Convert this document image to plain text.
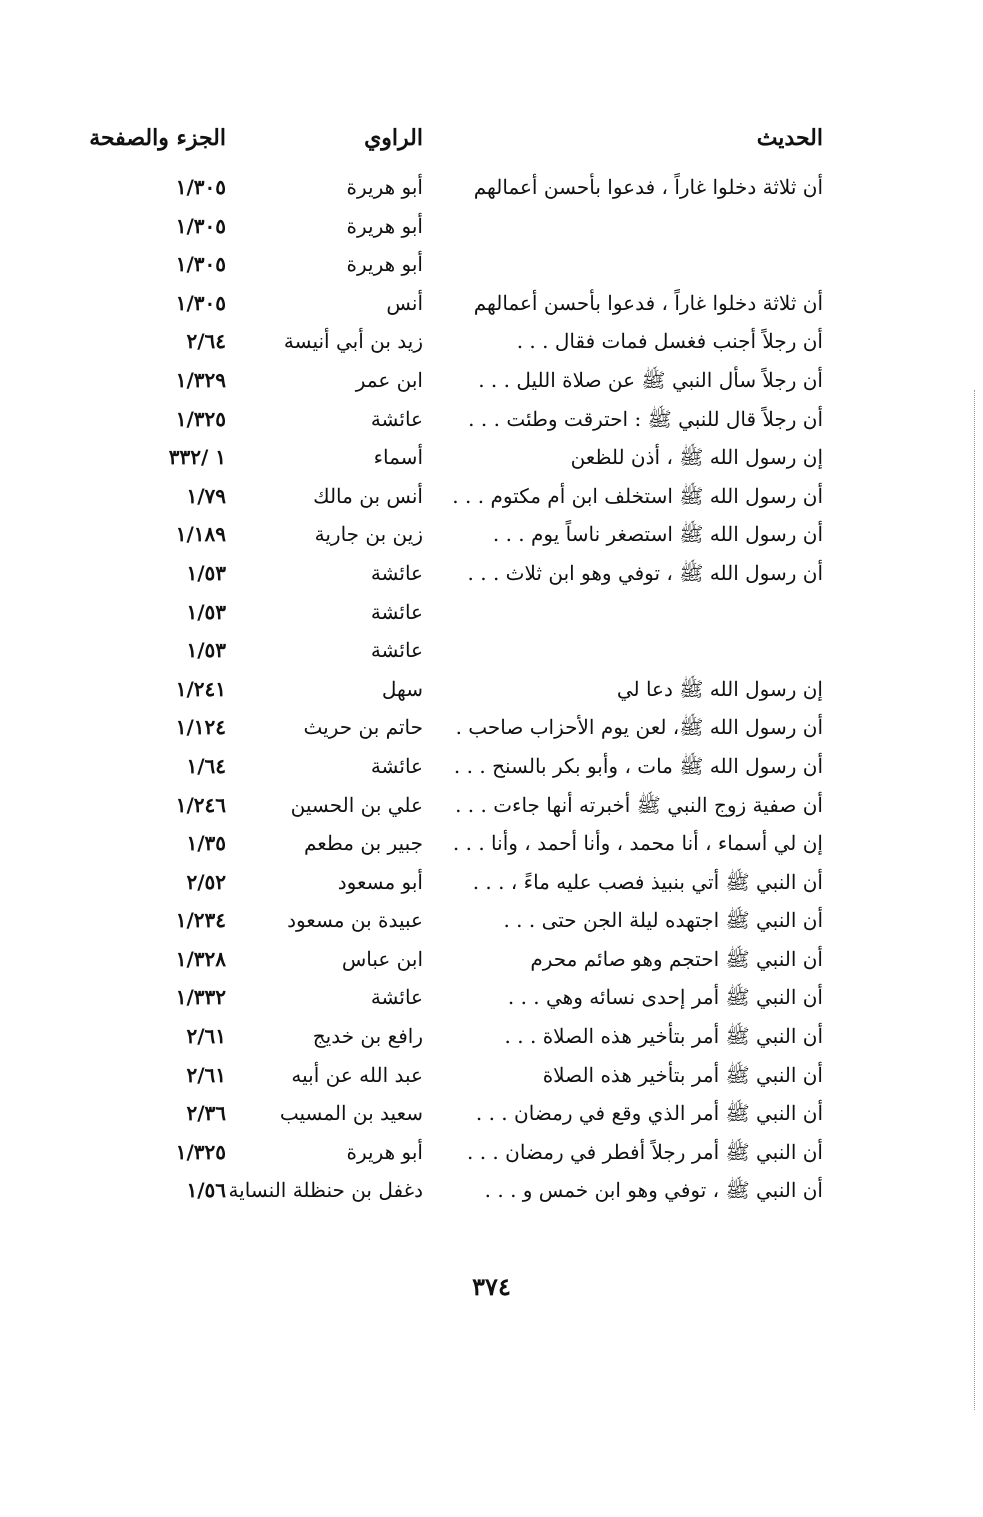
الحديث
الراوي
الجزء والصفحة
أن ثلاثة دخلوا غاراً ، فدعوا بأحسن أعمالهم
أبو هريرة
١/٣٠٥
أبو هريرة
١/٣٠٥
أبو هريرة
١/٣٠٥
أن ثلاثة دخلوا غاراً ، فدعوا بأحسن أعمالهم
أنس
١/٣٠٥
أن رجلاً أجنب فغسل فمات فقال . . .
زيد بن أبي أنيسة
٢/٦٤
أن رجلاً سأل النبي ﷺ عن صلاة الليل . . .
ابن عمر
١/٣٢٩
أن رجلاً قال للنبي ﷺ : احترقت وطئت . . .
عائشة
١/٣٢٥
إن رسول الله ﷺ ، أذن للظعن
أسماء
١ /٣٣٢
أن رسول الله ﷺ استخلف ابن أم مكتوم . . .
أنس بن مالك
١/٧٩
أن رسول الله ﷺ استصغر ناساً يوم . . .
زين بن جارية
١/١٨٩
أن رسول الله ﷺ ، توفي وهو ابن ثلاث . . .
عائشة
١/٥٣
عائشة
١/٥٣
عائشة
١/٥٣
إن رسول الله ﷺ دعا لي
سهل
١/٢٤١
أن رسول الله ﷺ، لعن يوم الأحزاب صاحب .
حاتم بن حريث
١/١٢٤
أن رسول الله ﷺ مات ، وأبو بكر بالسنح . . .
عائشة
١/٦٤
أن صفية زوج النبي ﷺ أخبرته أنها جاءت . . .
علي بن الحسين
١/٢٤٦
إن لي أسماء ، أنا محمد ، وأنا أحمد ، وأنا . . .
جبير بن مطعم
١/٣٥
أن النبي ﷺ أتي بنبيذ فصب عليه ماءً ، . . .
أبو مسعود
٢/٥٢
أن النبي ﷺ اجتهده ليلة الجن حتى . . .
عبيدة بن مسعود
١/٢٣٤
أن النبي ﷺ احتجم وهو صائم محرم
ابن عباس
١/٣٢٨
أن النبي ﷺ أمر إحدى نسائه وهي . . .
عائشة
١/٣٣٢
أن النبي ﷺ أمر بتأخير هذه الصلاة . . .
رافع بن خديج
٢/٦١
أن النبي ﷺ أمر بتأخير هذه الصلاة
عبد الله عن أبيه
٢/٦١
أن النبي ﷺ أمر الذي وقع في رمضان . . .
سعيد بن المسيب
٢/٣٦
أن النبي ﷺ أمر رجلاً أفطر في رمضان . . .
أبو هريرة
١/٣٢٥
أن النبي ﷺ ، توفي وهو ابن خمس و . . .
دغفل بن حنظلة النساية
١/٥٦
٣٧٤
